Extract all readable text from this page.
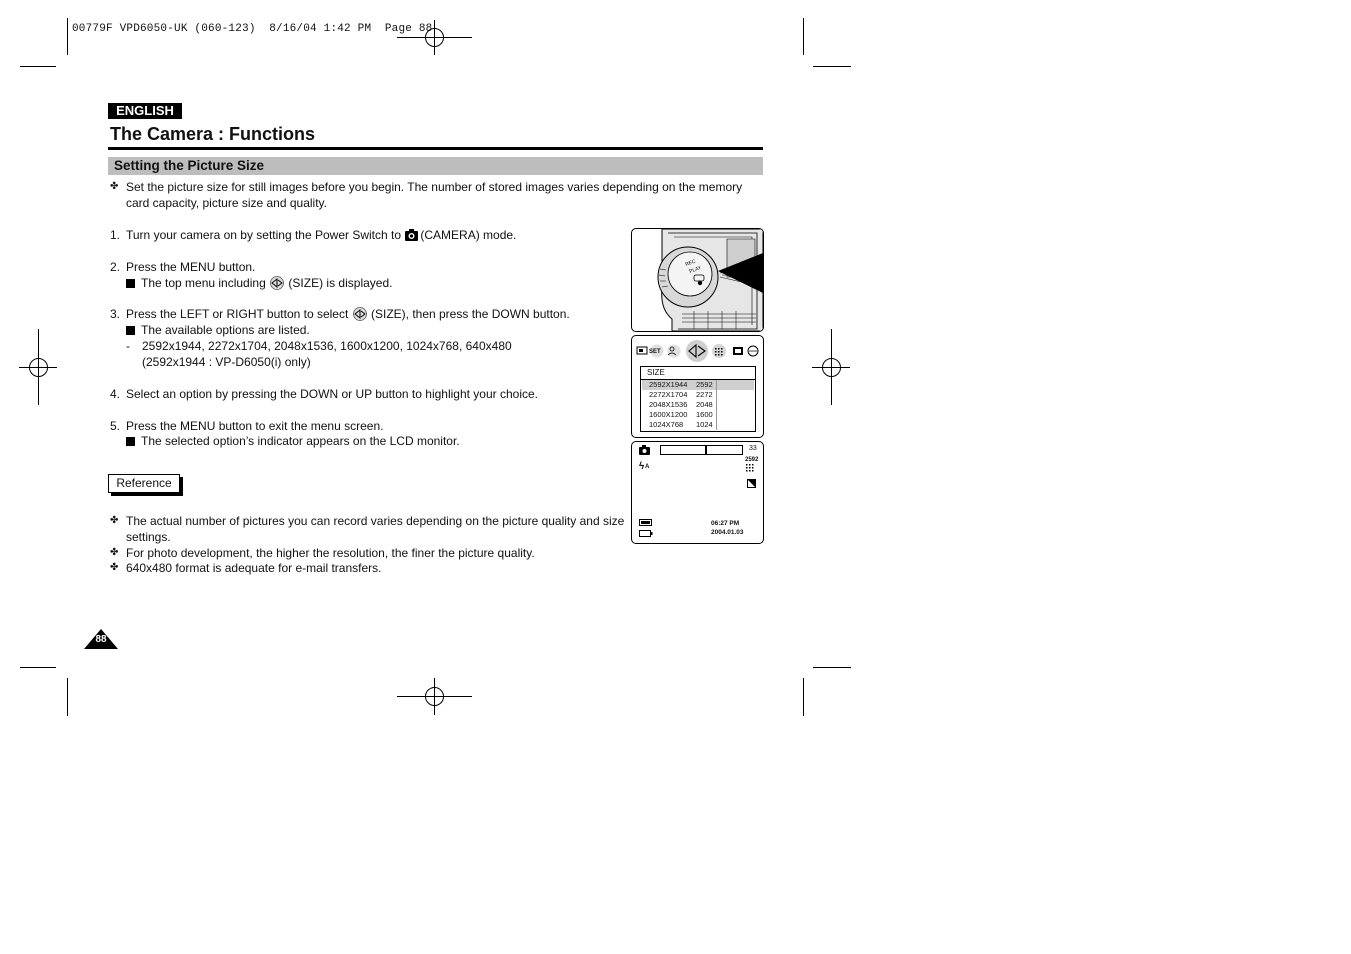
00779F VPD6050-UK (060-123)  8/16/04 1:42 PM  Page 88
ENGLISH
The Camera : Functions
Setting the Picture Size
✤ Set the picture size for still images before you begin. The number of stored images varies depending on the memory card capacity, picture size and quality.
1. Turn your camera on by setting the Power Switch to (CAMERA) mode.
2. Press the MENU button.
The top menu including  (SIZE) is displayed.
3. Press the LEFT or RIGHT button to select  (SIZE), then press the DOWN button.
The available options are listed.
- 2592x1944, 2272x1704, 2048x1536, 1600x1200, 1024x768, 640x480
(2592x1944 : VP-D6050(i) only)
4. Select an option by pressing the DOWN or UP button to highlight your choice.
5. Press the MENU button to exit the menu screen.
The selected option’s indicator appears on the LCD monitor.
Reference
✤ The actual number of pictures you can record varies depending on the picture quality and size
settings.
✤ For photo development, the higher the resolution, the finer the picture quality.
✤ 640x480 format is adequate for e-mail transfers.
88
REC
PLAY
SET
SIZE
2592X1944 2592
2272X1704 2272
2048X1536 2048
1600X1200 1600
1024X768 1024
33
2592
ϟ A
06:27 PM
2004.01.03
